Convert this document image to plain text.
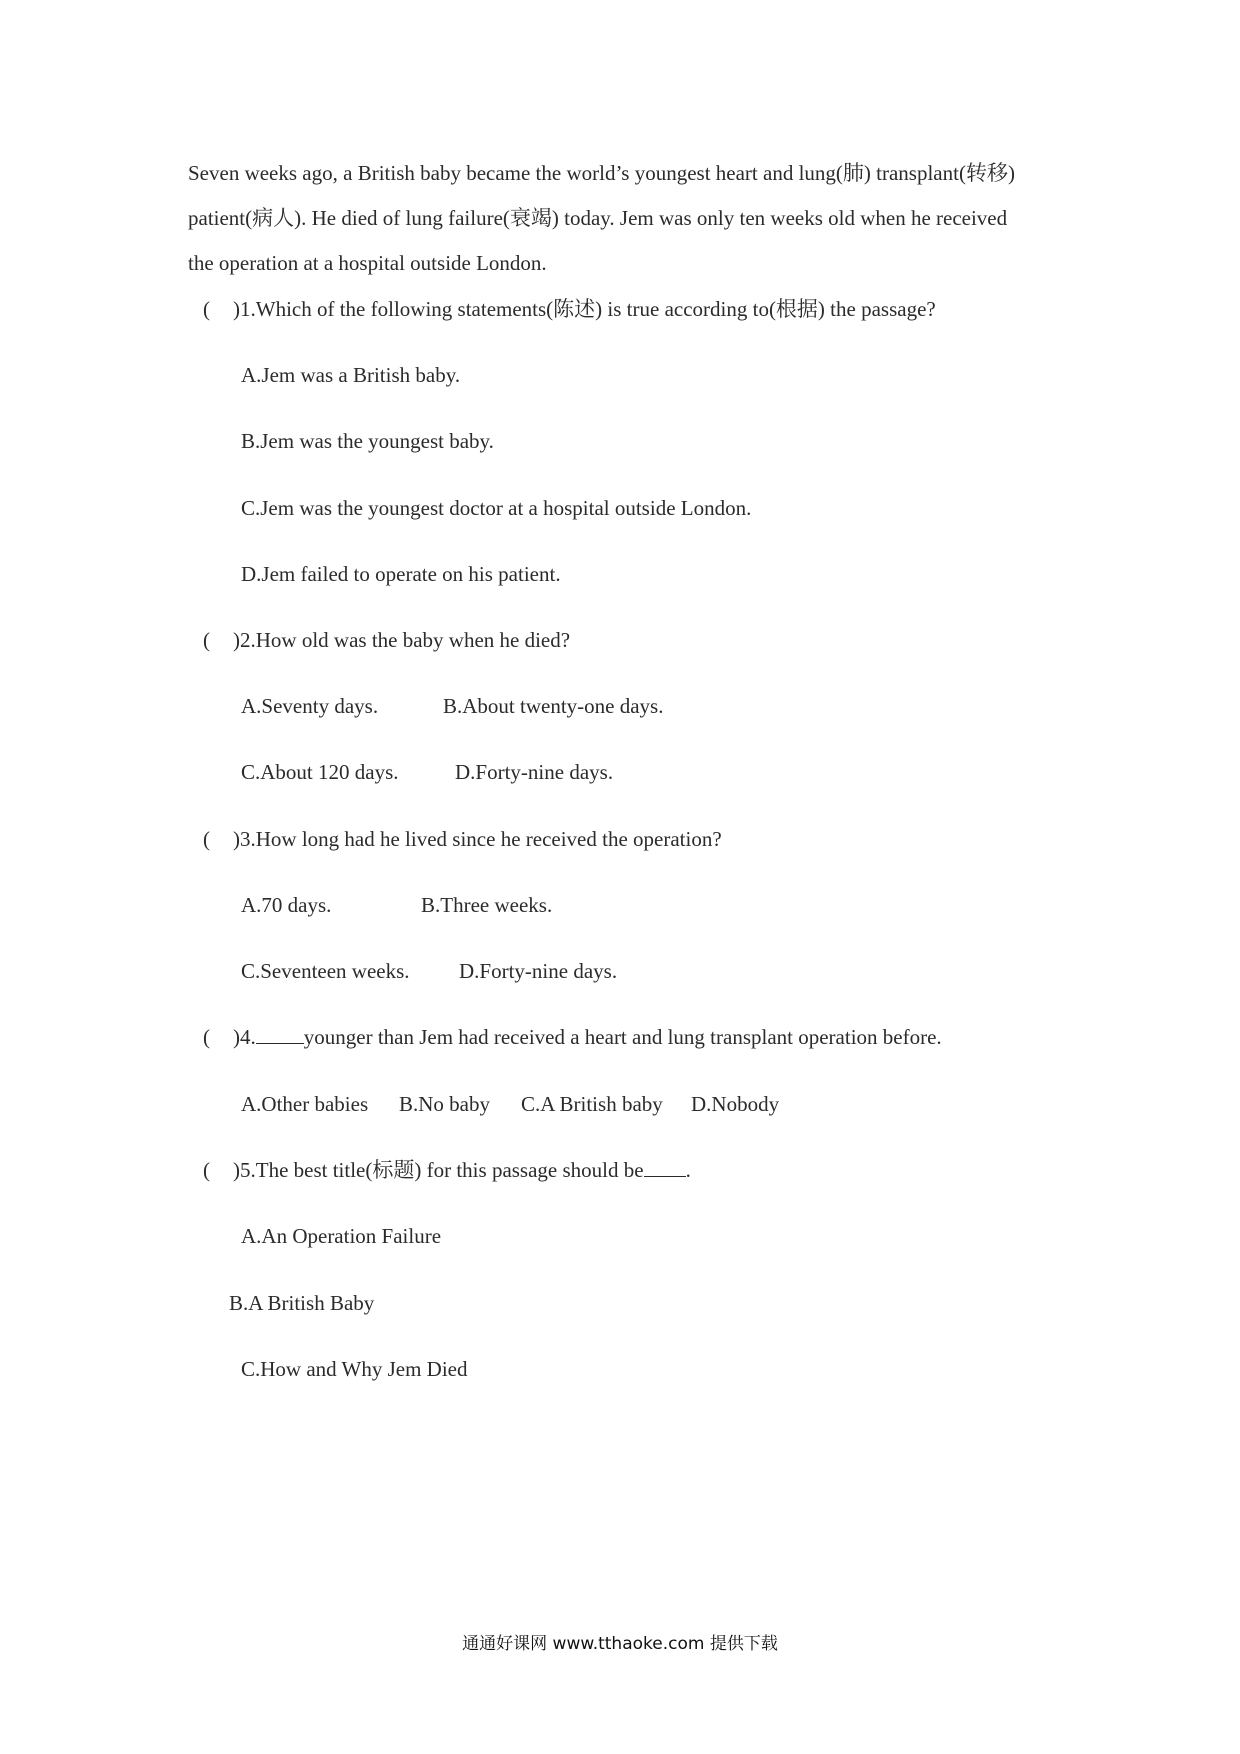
Seven weeks ago, a British baby became the world’s youngest heart and lung(肺) transplant(转移)
patient(病人). He died of lung failure(衰竭) today. Jem was only ten weeks old when he received
the operation at a hospital outside London.
( )1.Which of the following statements(陈述) is true according to(根据) the passage?
A.Jem was a British baby.
B.Jem was the youngest baby.
C.Jem was the youngest doctor at a hospital outside London.
D.Jem failed to operate on his patient.
( )2.How old was the baby when he died?
A.Seventy days.	B.About twenty-one days.
C.About 120 days.	D.Forty-nine days.
( )3.How long had he lived since he received the operation?
A.70 days.	B.Three weeks.
C.Seventeen weeks. D.Forty-nine days.
( )4. younger than Jem had received a heart and lung transplant operation before.
A.Other babies B.No baby C.A British baby D.Nobody
( )5.The best title(标题) for this passage should be .
A.An Operation Failure
B.A British Baby
C.How and Why Jem Died
通通好课网 www.tthaoke.com 提供下载
